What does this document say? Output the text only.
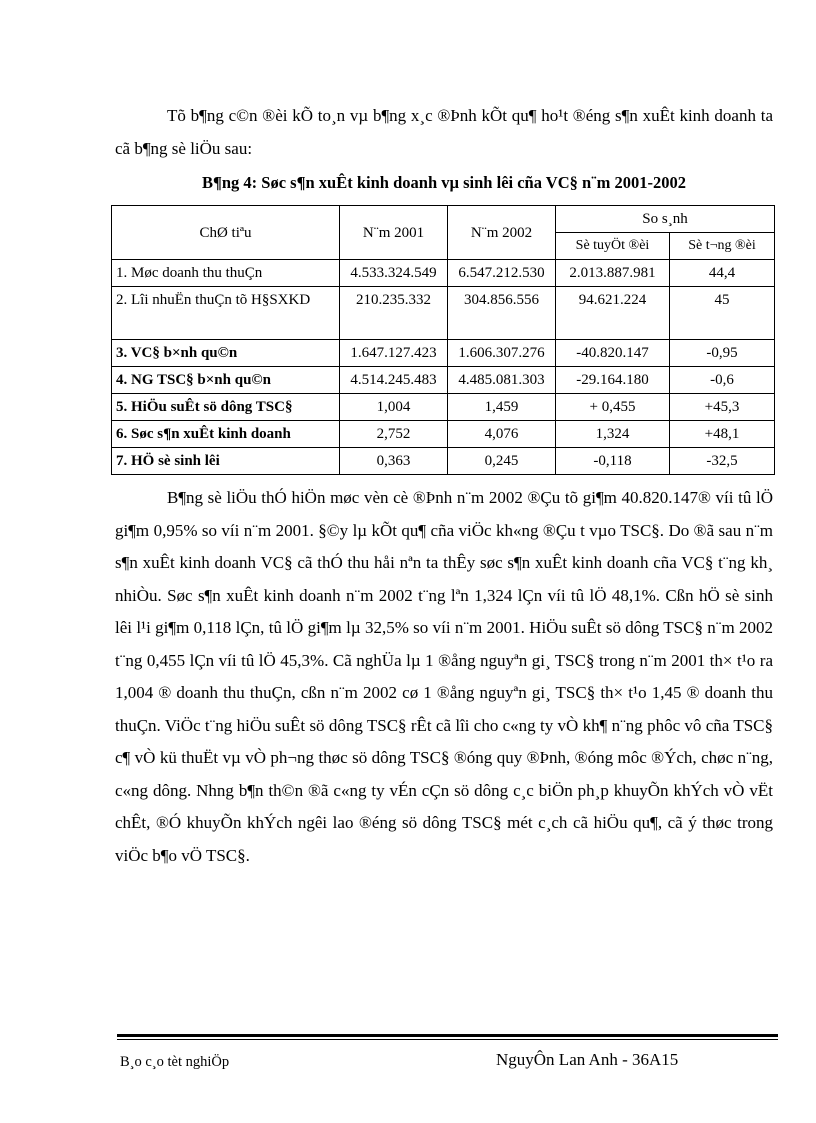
Tõ b¶ng c©n ®èi kÕ to¸n vµ b¶ng x¸c ®Þnh kÕt qu¶ ho¹t ®éng s¶n xuÊt kinh doanh ta cã b¶ng sè liÖu sau:

B¶ng 4: Søc s¶n xuÊt kinh doanh vµ sinh lêi cña VC§ n¨m 2001-2002
ChØ tiªu	N¨m 2001	N¨m 2002	So s¸nh	
			Sè tuyÖt ®èi	Sè t¬ng ®èi
1. Møc doanh thu thuÇn	4.533.324.549	6.547.212.530	2.013.887.981	44,4
2. Lîi nhuËn thuÇn tõ H§SXKD	210.235.332	304.856.556	94.621.224	45
3. VC§ b×nh qu©n	1.647.127.423	1.606.307.276	-40.820.147	-0,95
4. NG TSC§ b×nh qu©n	4.514.245.483	4.485.081.303	-29.164.180	-0,6
5. HiÖu suÊt sö dông TSC§	1,004	1,459	+ 0,455	+45,3
6. Søc s¶n xuÊt kinh doanh	2,752	4,076	1,324	+48,1
7. HÖ sè sinh lêi	0,363	0,245	-0,118	-32,5

B¶ng sè liÖu thÓ hiÖn møc vèn cè ®Þnh n¨m 2002 ®Çu tõ gi¶m 40.820.147® víi tû lÖ gi¶m 0,95% so víi n¨m 2001. §©y lµ kÕt qu¶ cña viÖc kh«ng ®Çu t vµo TSC§. Do ®ã sau n¨m s¶n xuÊt kinh doanh VC§ cã thÓ thu håi nªn ta thÊy søc s¶n xuÊt kinh doanh cña VC§ t¨ng kh¸ nhiÒu. Søc s¶n xuÊt kinh doanh n¨m 2002 t¨ng lªn 1,324 lÇn víi tû lÖ 48,1%. Cßn hÖ sè sinh lêi l¹i gi¶m 0,118 lÇn, tû lÖ gi¶m lµ 32,5% so víi n¨m 2001. HiÖu suÊt sö dông TSC§ n¨m 2002 t¨ng 0,455 lÇn víi tû lÖ 45,3%. Cã nghÜa lµ 1 ®ång nguyªn gi¸ TSC§ trong n¨m 2001 th× t¹o ra 1,004 ® doanh thu thuÇn, cßn n¨m 2002 cø 1 ®ång nguyªn gi¸ TSC§ th× t¹o 1,45 ® doanh thu thuÇn. ViÖc t¨ng hiÖu suÊt sö dông TSC§ rÊt cã lîi cho c«ng ty vÒ kh¶ n¨ng phôc vô cña TSC§ c¶ vÒ kü thuËt vµ vÒ ph¬ng thøc sö dông TSC§ ®óng quy ®Þnh, ®óng môc ®Ých, chøc n¨ng, c«ng dông. Nhng b¶n th©n ®ã c«ng ty vÉn cÇn sö dông c¸c biÖn ph¸p khuyÕn khÝch vÒ vËt chÊt, ®Ó khuyÕn khÝch ngêi lao ®éng sö dông TSC§ mét c¸ch cã hiÖu qu¶, cã ý thøc trong viÖc b¶o vÖ TSC§.

B¸o c¸o tèt nghiÖp	NguyÔn Lan Anh - 36A15
